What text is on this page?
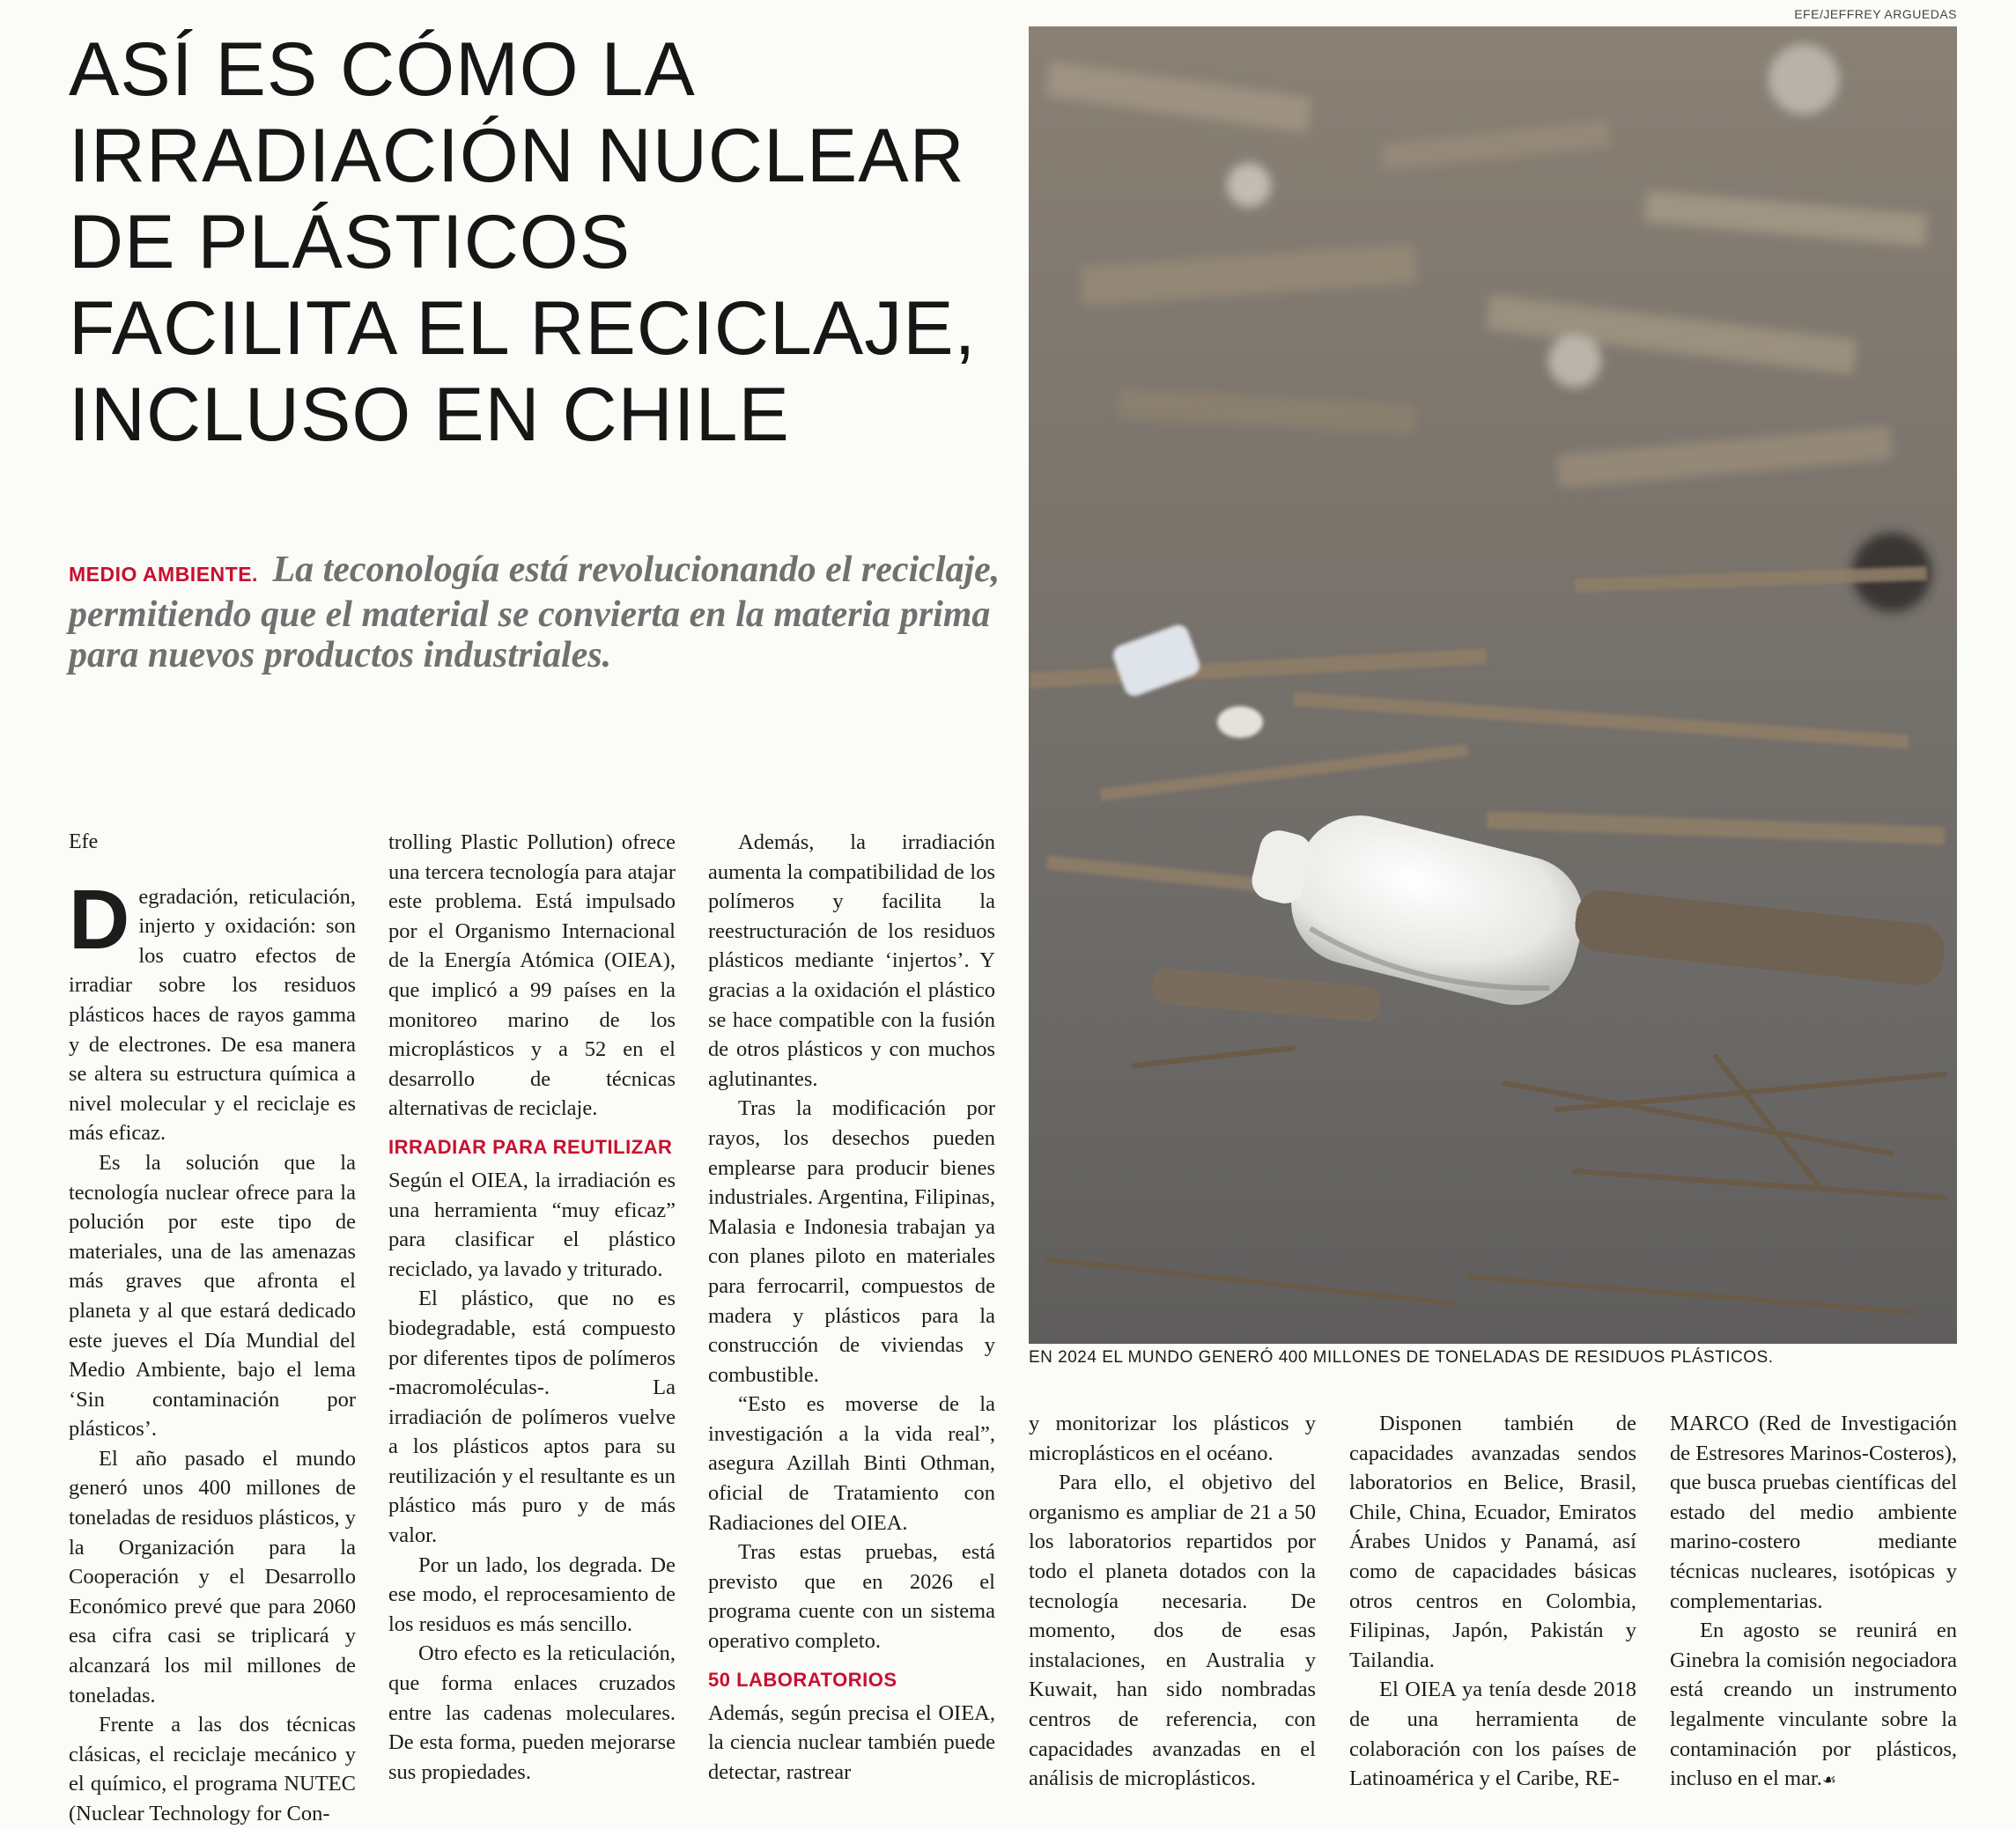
ASÍ ES CÓMO LA
IRRADIACIÓN NUCLEAR
DE PLÁSTICOS
FACILITA EL RECICLAJE,
INCLUSO EN CHILE
MEDIO AMBIENTE. La teconología está revolucionando el reciclaje, permitiendo que el material se convierta en la materia prima para nuevos productos industriales.
EFE/JEFFREY ARGUEDAS
EN 2024 EL MUNDO GENERÓ 400 MILLONES DE TONELADAS DE RESIDUOS PLÁSTICOS.
Efe

Degradación, reticulación, injerto y oxidación: son los cuatro efectos de irradiar sobre los residuos plásticos haces de rayos gamma y de electrones. De esa manera se altera su estructura química a nivel molecular y el reciclaje es más eficaz.

Es la solución que la tecnología nuclear ofrece para la polución por este tipo de materiales, una de las amenazas más graves que afronta el planeta y al que estará dedicado este jueves el Día Mundial del Medio Ambiente, bajo el lema ‘Sin contaminación por plásticos’.

El año pasado el mundo generó unos 400 millones de toneladas de residuos plásticos, y la Organización para la Cooperación y el Desarrollo Económico prevé que para 2060 esa cifra casi se triplicará y alcanzará los mil millones de toneladas.

Frente a las dos técnicas clásicas, el reciclaje mecánico y el químico, el programa NUTEC (Nuclear Technology for Con-

trolling Plastic Pollution) ofrece una tercera tecnología para atajar este problema. Está impulsado por el Organismo Internacional de la Energía Atómica (OIEA), que implicó a 99 países en la monitoreo marino de los microplásticos y a 52 en el desarrollo de técnicas alternativas de reciclaje.

IRRADIAR PARA REUTILIZAR

Según el OIEA, la irradiación es una herramienta “muy eficaz” para clasificar el plástico reciclado, ya lavado y triturado.

El plástico, que no es biodegradable, está compuesto por diferentes tipos de polímeros -macromoléculas-. La irradiación de polímeros vuelve a los plásticos aptos para su reutilización y el resultante es un plástico más puro y de más valor.

Por un lado, los degrada. De ese modo, el reprocesamiento de los residuos es más sencillo.

Otro efecto es la reticulación, que forma enlaces cruzados entre las cadenas moleculares. De esta forma, pueden mejorarse sus propiedades.

Además, la irradiación aumenta la compatibilidad de los polímeros y facilita la reestructuración de los residuos plásticos mediante ‘injertos’. Y gracias a la oxidación el plástico se hace compatible con la fusión de otros plásticos y con muchos aglutinantes.

Tras la modificación por rayos, los desechos pueden emplearse para producir bienes industriales. Argentina, Filipinas, Malasia e Indonesia trabajan ya con planes piloto en materiales para ferrocarril, compuestos de madera y plásticos para la construcción de viviendas y combustible.

“Esto es moverse de la investigación a la vida real”, asegura Azillah Binti Othman, oficial de Tratamiento con Radiaciones del OIEA.

Tras estas pruebas, está previsto que en 2026 el programa cuente con un sistema operativo completo.

50 LABORATORIOS

Además, según precisa el OIEA, la ciencia nuclear también puede detectar, rastrear

y monitorizar los plásticos y microplásticos en el océano.

Para ello, el objetivo del organismo es ampliar de 21 a 50 los laboratorios repartidos por todo el planeta dotados con la tecnología necesaria. De momento, dos de esas instalaciones, en Australia y Kuwait, han sido nombradas centros de referencia, con capacidades avanzadas en el análisis de microplásticos.

Disponen también de capacidades avanzadas sendos laboratorios en Belice, Brasil, Chile, China, Ecuador, Emiratos Árabes Unidos y Panamá, así como de capacidades básicas otros centros en Colombia, Filipinas, Japón, Pakistán y Tailandia.

El OIEA ya tenía desde 2018 de una herramienta de colaboración con los países de Latinoamérica y el Caribe, RE-

MARCO (Red de Investigación de Estresores Marinos-Costeros), que busca pruebas científicas del estado del medio ambiente marino-costero mediante técnicas nucleares, isotópicas y complementarias.

En agosto se reunirá en Ginebra la comisión negociadora está creando un instrumento legalmente vinculante sobre la contaminación por plásticos, incluso en el mar.☙
